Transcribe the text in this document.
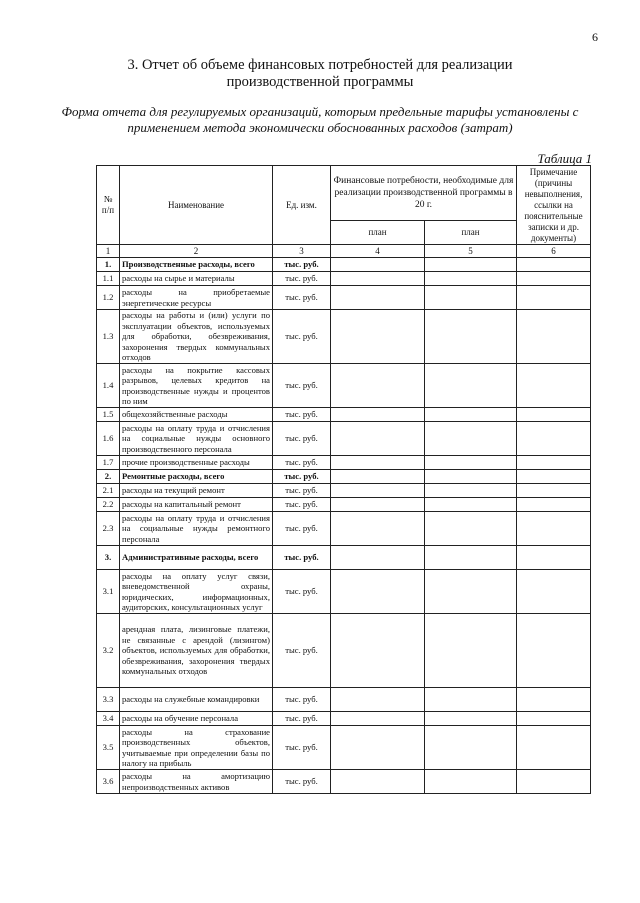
6
3. Отчет об объеме финансовых потребностей для реализации производственной программы
Форма отчета для регулируемых организаций, которым предельные тарифы установлены с применением метода экономически обоснованных расходов (затрат)
Таблица 1
№ п/п	Наименование	Ед. изм.	Финансовые потребности, необходимые для реализации производственной программы в 20 г.		Примечание (причины невыполнения, ссылки на пояснительные записки и др. документы)
			план	план	
1	2	3	4	5	6
1.	Производственные расходы, всего	тыс. руб.			
1.1	расходы на сырье и материалы	тыс. руб.			
1.2	расходы на приобретаемые энергетические ресурсы	тыс. руб.			
1.3	расходы на работы и (или) услуги по эксплуатации объектов, используемых для обработки, обезвреживания, захоронения твердых коммунальных отходов	тыс. руб.			
1.4	расходы на покрытие кассовых разрывов, целевых кредитов на производственные нужды и процентов по ним	тыс. руб.			
1.5	общехозяйственные расходы	тыс. руб.			
1.6	расходы на оплату труда и отчисления на социальные нужды основного производственного персонала	тыс. руб.			
1.7	прочие производственные расходы	тыс. руб.			
2.	Ремонтные расходы, всего	тыс. руб.			
2.1	расходы на текущий ремонт	тыс. руб.			
2.2	расходы на капитальный ремонт	тыс. руб.			
2.3	расходы на оплату труда и отчисления на социальные нужды ремонтного персонала	тыс. руб.			
3.	Административные расходы, всего	тыс. руб.			
3.1	расходы на оплату услуг связи, вневедомственной охраны, юридических, информационных, аудиторских, консультационных услуг	тыс. руб.			
3.2	арендная плата, лизинговые платежи, не связанные с арендой (лизингом) объектов, используемых для обработки, обезвреживания, захоронения твердых коммунальных отходов	тыс. руб.			
3.3	расходы на служебные командировки	тыс. руб.			
3.4	расходы на обучение персонала	тыс. руб.			
3.5	расходы на страхование производственных объектов, учитываемые при определении базы по налогу на прибыль	тыс. руб.			
3.6	расходы на амортизацию непроизводственных активов	тыс. руб.			
